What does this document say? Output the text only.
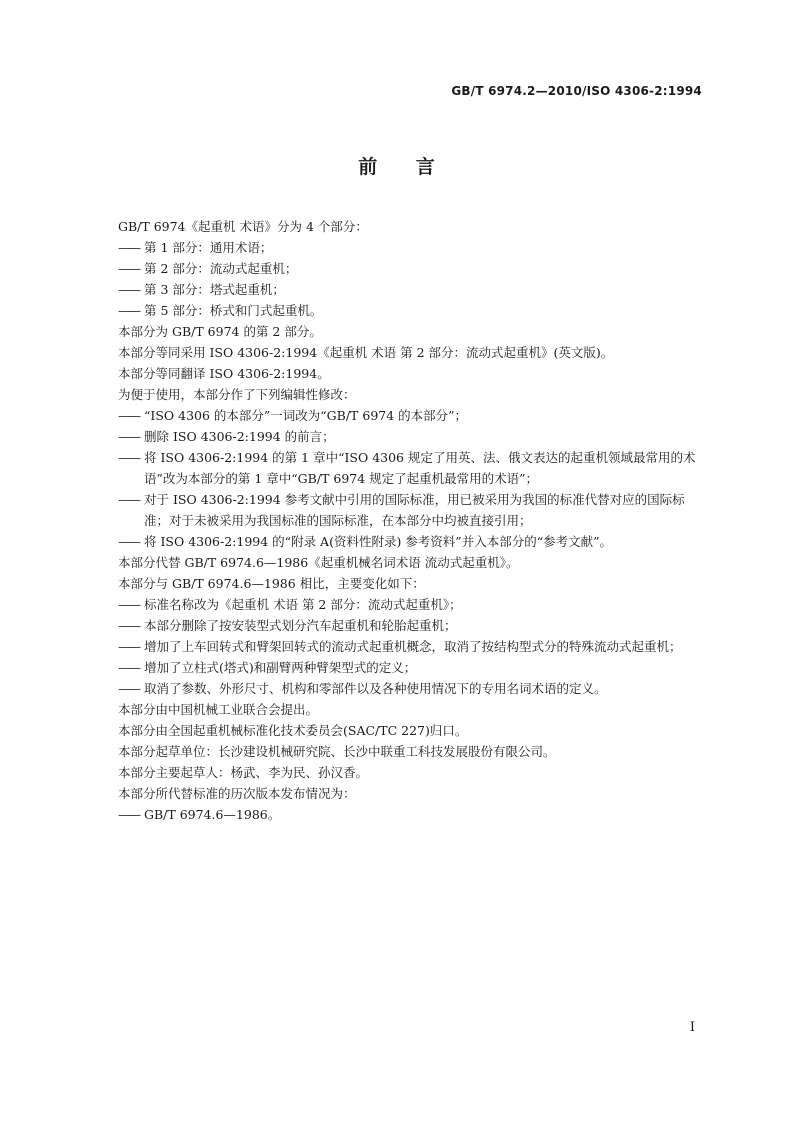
GB/T 6974.2—2010/ISO 4306-2:1994
前 言
GB/T 6974《起重机 术语》分为 4 个部分：
—— 第 1 部分：通用术语；
—— 第 2 部分：流动式起重机；
—— 第 3 部分：塔式起重机；
—— 第 5 部分：桥式和门式起重机。
本部分为 GB/T 6974 的第 2 部分。
本部分等同采用 ISO 4306-2:1994《起重机 术语 第 2 部分：流动式起重机》(英文版)。
本部分等同翻译 ISO 4306-2:1994。
为便于使用，本部分作了下列编辑性修改：
—— “ISO 4306 的本部分”一词改为“GB/T 6974 的本部分”；
—— 删除 ISO 4306-2:1994 的前言；
—— 将 ISO 4306-2:1994 的第 1 章中“ISO 4306 规定了用英、法、俄文表达的起重机领域最常用的术语”改为本部分的第 1 章中“GB/T 6974 规定了起重机最常用的术语”；
—— 对于 ISO 4306-2:1994 参考文献中引用的国际标准，用已被采用为我国的标准代替对应的国际标准；对于未被采用为我国标准的国际标准，在本部分中均被直接引用；
—— 将 ISO 4306-2:1994 的“附录 A(资料性附录) 参考资料”并入本部分的“参考文献”。
本部分代替 GB/T 6974.6—1986《起重机械名词术语 流动式起重机》。
本部分与 GB/T 6974.6—1986 相比，主要变化如下：
—— 标准名称改为《起重机 术语 第 2 部分：流动式起重机》；
—— 本部分删除了按安装型式划分汽车起重机和轮胎起重机；
—— 增加了上车回转式和臂架回转式的流动式起重机概念，取消了按结构型式分的特殊流动式起重机；
—— 增加了立柱式(塔式)和副臂两种臂架型式的定义；
—— 取消了参数、外形尺寸、机构和零部件以及各种使用情况下的专用名词术语的定义。
本部分由中国机械工业联合会提出。
本部分由全国起重机械标准化技术委员会(SAC/TC 227)归口。
本部分起草单位：长沙建设机械研究院、长沙中联重工科技发展股份有限公司。
本部分主要起草人：杨武、李为民、孙汉香。
本部分所代替标准的历次版本发布情况为：
—— GB/T 6974.6—1986。
I
